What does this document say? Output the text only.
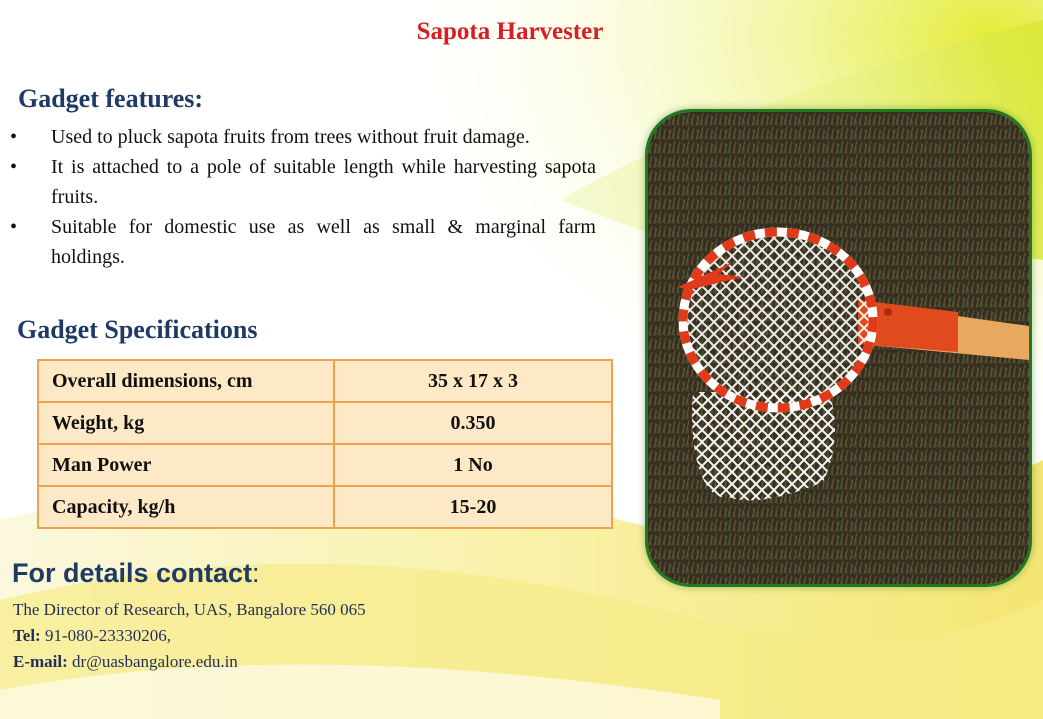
Sapota Harvester
Gadget features:
• Used to pluck sapota fruits from trees without fruit damage.
• It is attached to a pole of suitable length while harvesting sapota fruits.
• Suitable for domestic use as well as small & marginal farm holdings.
Gadget Specifications
Overall dimensions, cm	35 x 17 x 3
Weight, kg	0.350
Man Power	1 No
Capacity, kg/h	15-20
For details contact:
The Director of Research, UAS, Bangalore 560 065
Tel: 91-080-23330206,
E-mail: dr@uasbangalore.edu.in
